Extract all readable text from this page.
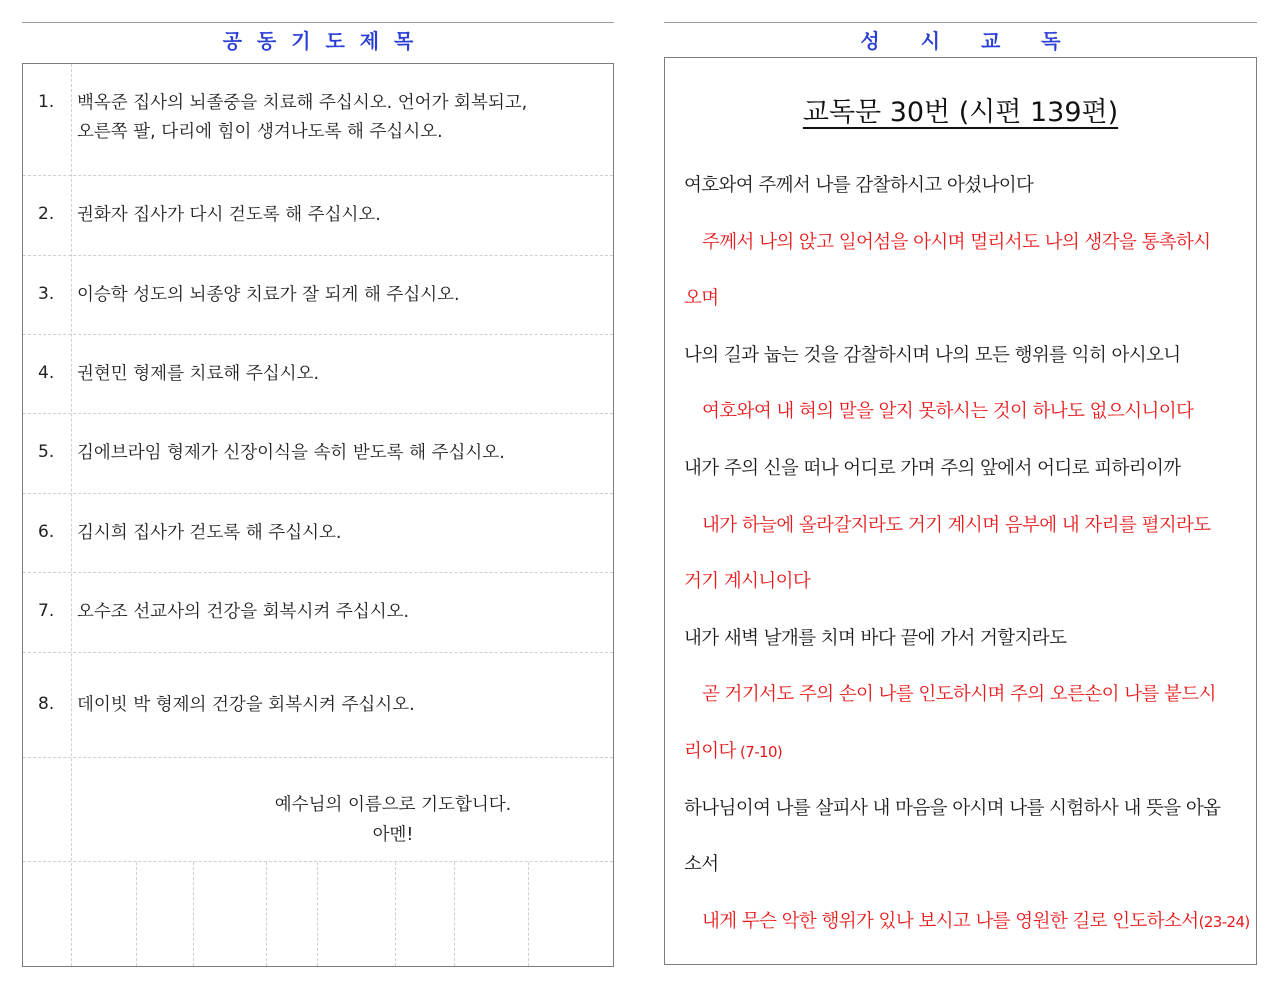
공 동 기 도 제 목
1.	백옥준 집사의 뇌졸중을 치료해 주십시오. 언어가 회복되고,
오른쪽 팔, 다리에 힘이 생겨나도록 해 주십시오.
2.	권화자 집사가 다시 걷도록 해 주십시오.
3.	이승학 성도의 뇌종양 치료가 잘 되게 해 주십시오.
4.	권현민 형제를 치료해 주십시오.
5.	김에브라임 형제가 신장이식을 속히 받도록 해 주십시오.
6.	김시희 집사가 걷도록 해 주십시오.
7.	오수조 선교사의 건강을 회복시켜 주십시오.
8.	데이빗 박 형제의 건강을 회복시켜 주십시오.
예수님의 이름으로 기도합니다.
아멘!
성 시 교 독
교독문 30번 (시편 139편)
여호와여 주께서 나를 감찰하시고 아셨나이다
주께서 나의 앉고 일어섬을 아시며 멀리서도 나의 생각을 통촉하시
오며
나의 길과 눕는 것을 감찰하시며 나의 모든 행위를 익히 아시오니
여호와여 내 혀의 말을 알지 못하시는 것이 하나도 없으시니이다
내가 주의 신을 떠나 어디로 가며 주의 앞에서 어디로 피하리이까
내가 하늘에 올라갈지라도 거기 계시며 음부에 내 자리를 펼지라도
거기 계시니이다
내가 새벽 날개를 치며 바다 끝에 가서 거할지라도
곧 거기서도 주의 손이 나를 인도하시며 주의 오른손이 나를 붙드시
리이다 (7-10)
하나님이여 나를 살피사 내 마음을 아시며 나를 시험하사 내 뜻을 아옵
소서
내게 무슨 악한 행위가 있나 보시고 나를 영원한 길로 인도하소서(23-24)
